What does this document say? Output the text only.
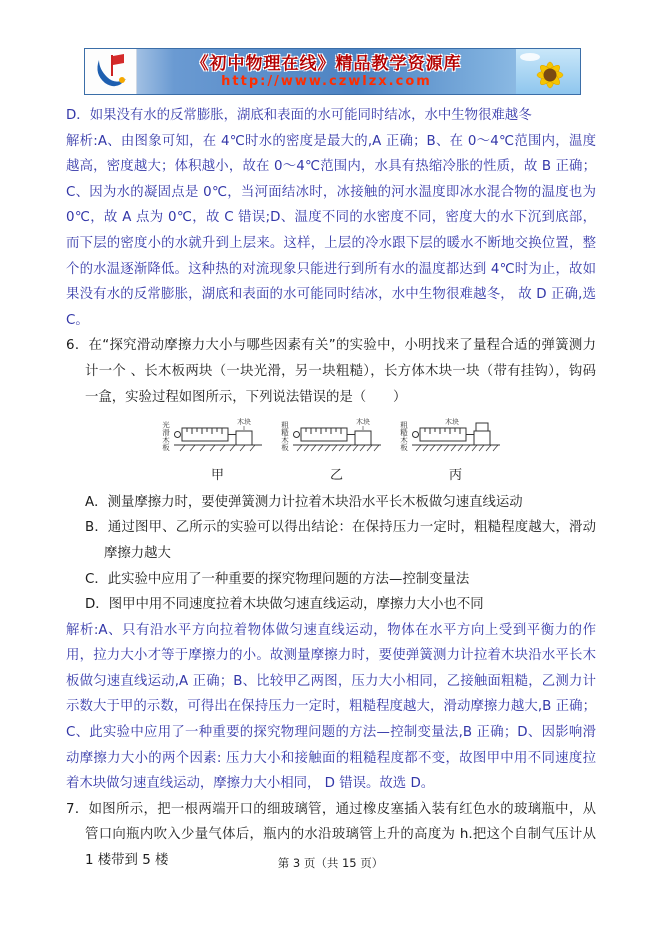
《初中物理在线》精品教学资源库
http://www.czwlzx.com

D．如果没有水的反常膨胀，湖底和表面的水可能同时结冰，水中生物很难越冬

解析:A、由图象可知，在 4℃时水的密度是最大的,A 正确；B、在 0～4℃范围内，温度越高，密度越大；体积越小，故在 0～4℃范围内，水具有热缩冷胀的性质，故 B 正确；C、因为水的凝固点是 0℃，当河面结冰时，冰接触的河水温度即冰水混合物的温度也为 0℃，故 A 点为 0℃，故 C 错误;D、温度不同的水密度不同，密度大的水下沉到底部，而下层的密度小的水就升到上层来。这样，上层的冷水跟下层的暖水不断地交换位置，整个的水温逐渐降低。这种热的对流现象只能进行到所有水的温度都达到 4℃时为止，故如果没有水的反常膨胀，湖底和表面的水可能同时结冰，水中生物很难越冬， 故 D 正确,选 C。

6．在“探究滑动摩擦力大小与哪些因素有关”的实验中，小明找来了量程合适的弹簧测力计一个 、长木板两块（一块光滑，另一块粗糙），长方体木块一块（带有挂钩），钩码一盒，实验过程如图所示，下列说法错误的是（　　）

光滑木板	木块
甲
粗糙木板	木块
乙
粗糙木板	木块
丙

A．测量摩擦力时，要使弹簧测力计拉着木块沿水平长木板做匀速直线运动

B．通过图甲、乙所示的实验可以得出结论：在保持压力一定时，粗糙程度越大，滑动摩擦力越大

C．此实验中应用了一种重要的探究物理问题的方法—控制变量法

D．图甲中用不同速度拉着木块做匀速直线运动，摩擦力大小也不同

解析:A、只有沿水平方向拉着物体做匀速直线运动，物体在水平方向上受到平衡力的作用，拉力大小才等于摩擦力的小。故测量摩擦力时，要使弹簧测力计拉着木块沿水平长木板做匀速直线运动,A 正确；B、比较甲乙两图，压力大小相同，乙接触面粗糙，乙测力计示数大于甲的示数，可得出在保持压力一定时，粗糙程度越大，滑动摩擦力越大,B 正确；C、此实验中应用了一种重要的探究物理问题的方法—控制变量法,B 正确；D、因影响滑动摩擦力大小的两个因素: 压力大小和接触面的粗糙程度都不变，故图甲中用不同速度拉着木块做匀速直线运动，摩擦力大小相同， D 错误。故选 D。

7．如图所示，把一根两端开口的细玻璃管，通过橡皮塞插入装有红色水的玻璃瓶中，从管口向瓶内吹入少量气体后，瓶内的水沿玻璃管上升的高度为 h.把这个自制气压计从 1 楼带到 5 楼	第 3 页（共 15 页）
